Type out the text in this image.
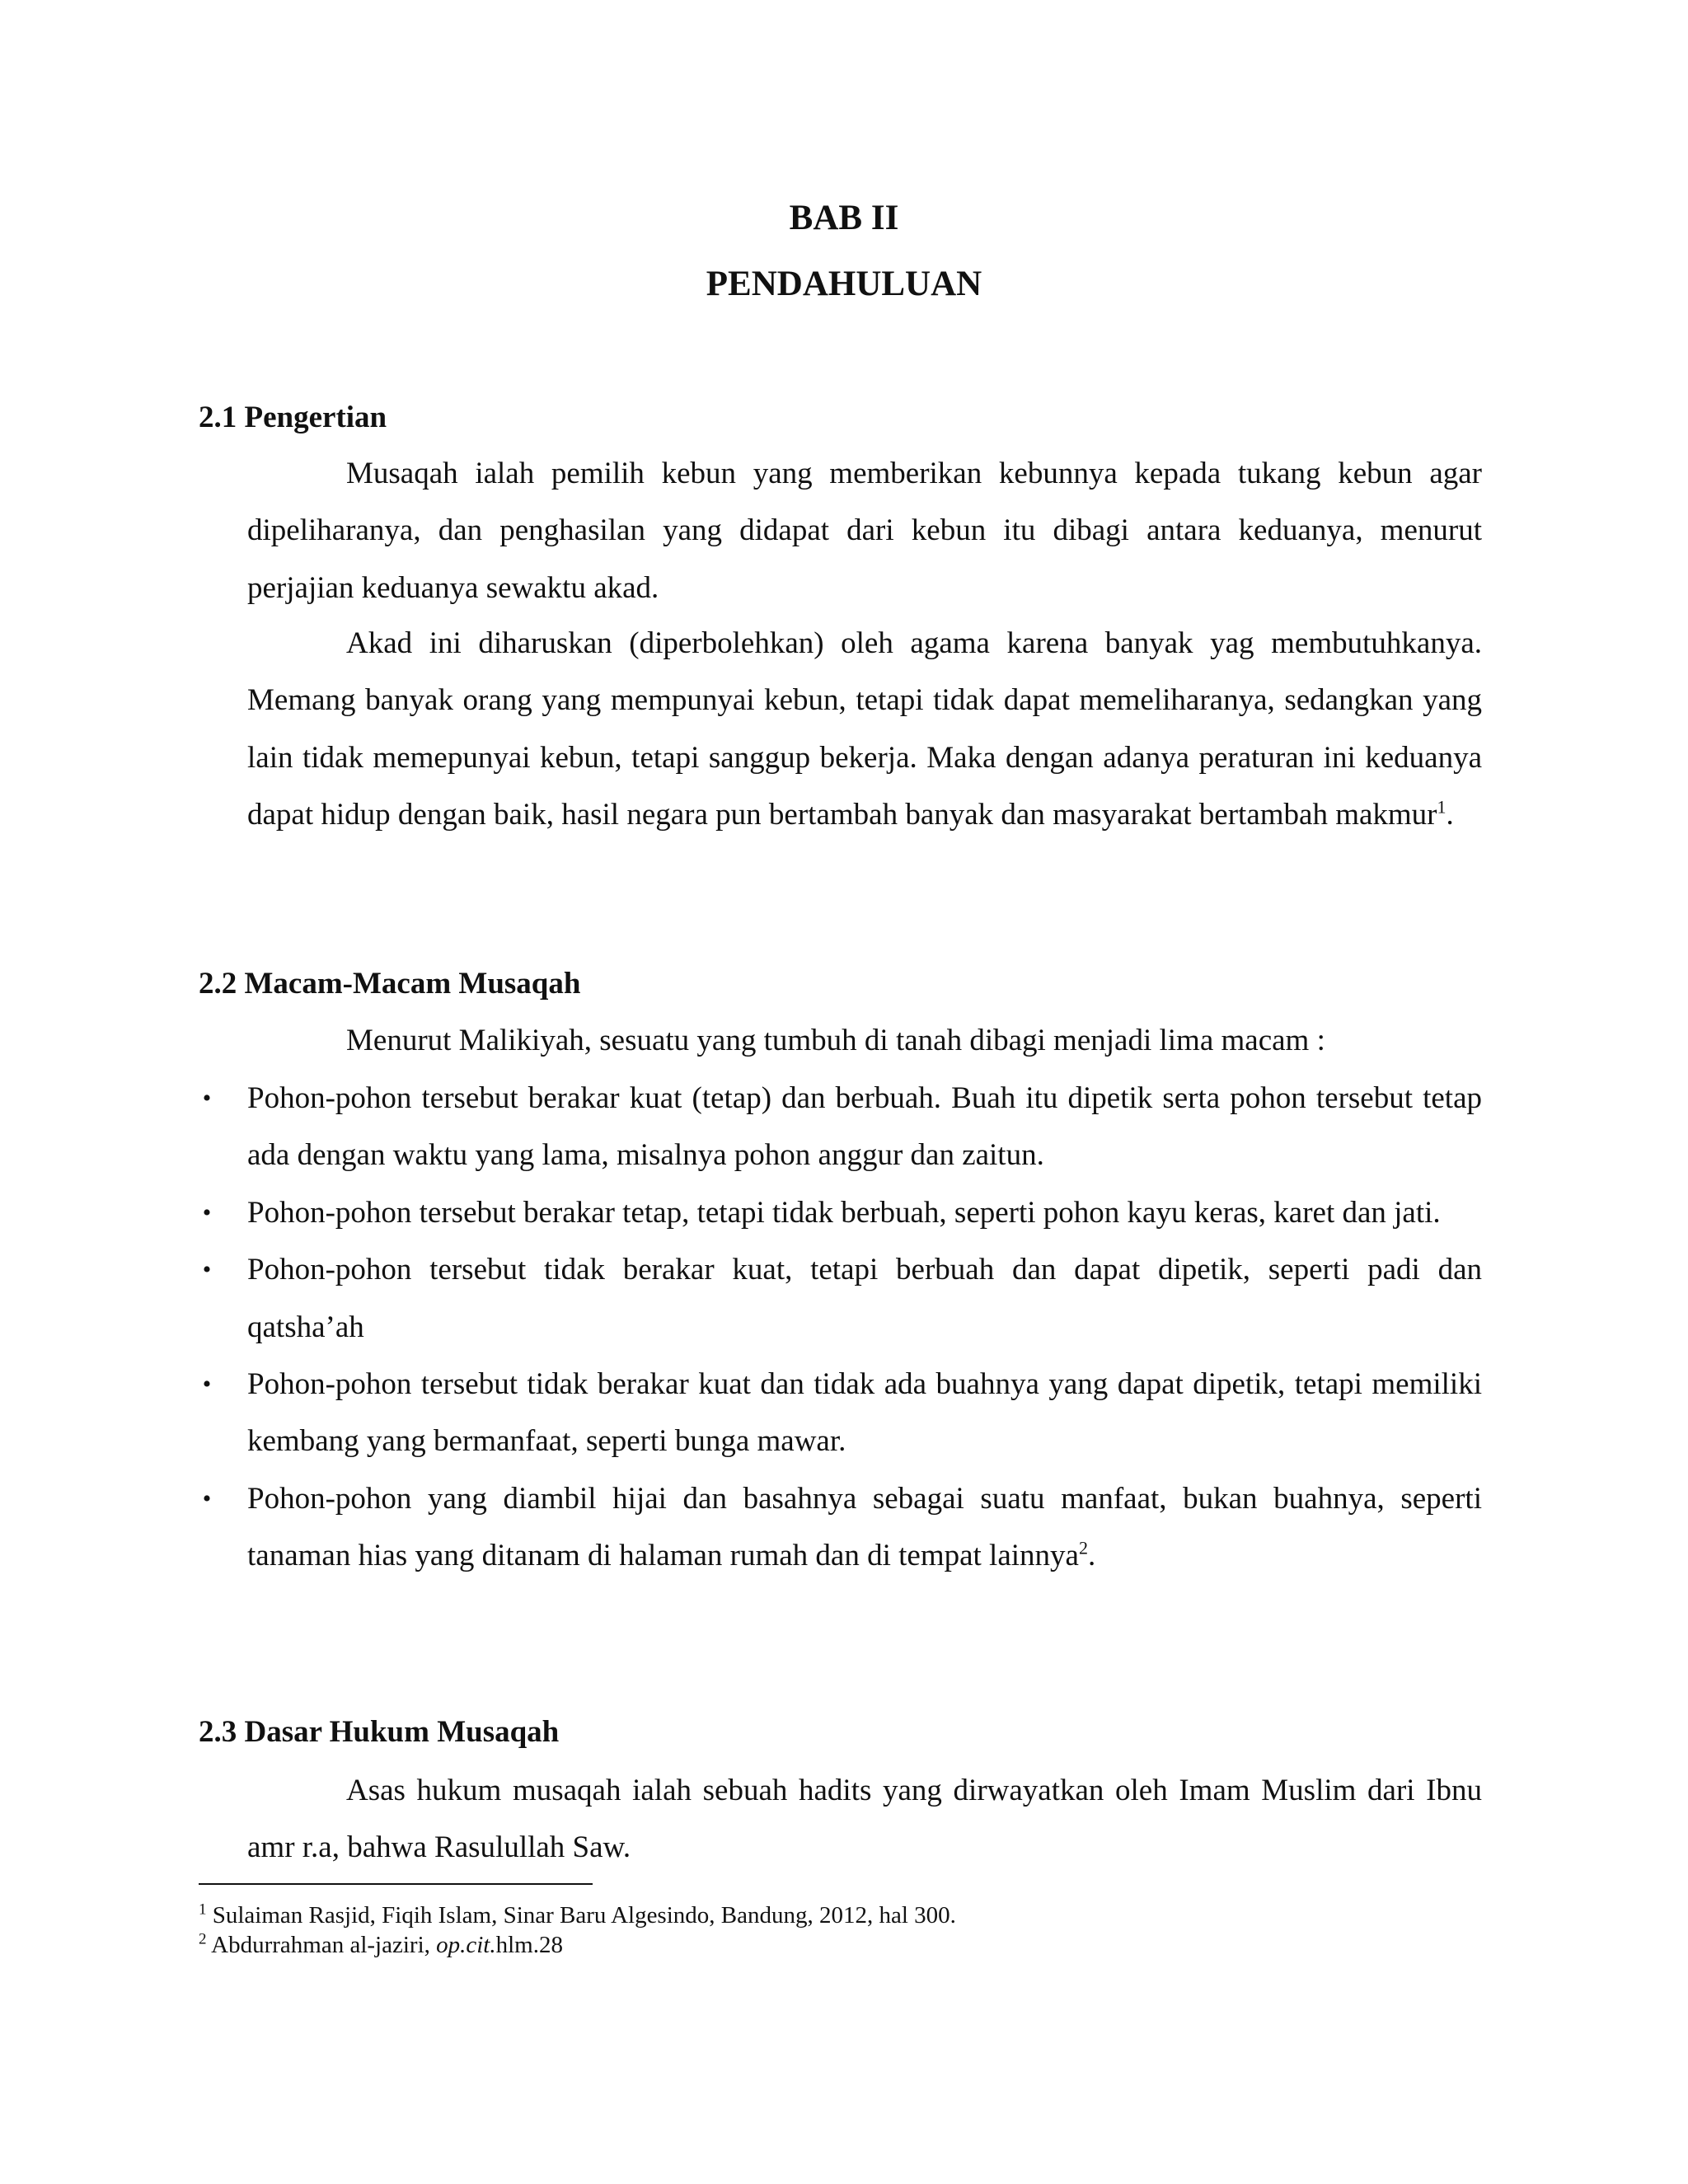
BAB II
PENDAHULUAN
2.1 Pengertian

Musaqah ialah pemilih kebun yang memberikan kebunnya kepada tukang kebun agar dipeliharanya, dan penghasilan yang didapat dari kebun itu dibagi antara keduanya, menurut perjajian keduanya sewaktu akad.

Akad ini diharuskan (diperbolehkan) oleh agama karena banyak yag membutuhkanya. Memang banyak orang yang mempunyai kebun, tetapi tidak dapat memeliharanya, sedangkan yang lain tidak memepunyai kebun, tetapi sanggup bekerja. Maka dengan adanya peraturan ini keduanya dapat hidup dengan baik, hasil negara pun bertambah banyak dan masyarakat bertambah makmur$^1$.

2.2 Macam-Macam Musaqah

Menurut Malikiyah, sesuatu yang tumbuh di tanah dibagi menjadi lima macam :

• Pohon-pohon tersebut berakar kuat (tetap) dan berbuah. Buah itu dipetik serta pohon tersebut tetap ada dengan waktu yang lama, misalnya pohon anggur dan zaitun.
• Pohon-pohon tersebut berakar tetap, tetapi tidak berbuah, seperti pohon kayu keras, karet dan jati.
• Pohon-pohon tersebut tidak berakar kuat, tetapi berbuah dan dapat dipetik, seperti padi dan qatsha’ah
• Pohon-pohon tersebut tidak berakar kuat dan tidak ada buahnya yang dapat dipetik, tetapi memiliki kembang yang bermanfaat, seperti bunga mawar.
• Pohon-pohon yang diambil hijai dan basahnya sebagai suatu manfaat, bukan buahnya, seperti tanaman hias yang ditanam di halaman rumah dan di tempat lainnya$^2$.
2.3 Dasar Hukum Musaqah

Asas hukum musaqah ialah sebuah hadits yang dirwayatkan oleh Imam Muslim dari Ibnu amr r.a, bahwa Rasulullah Saw.

$^1$ Sulaiman Rasjid, Fiqih Islam, Sinar Baru Algesindo, Bandung, 2012, hal 300.
$^2$ Abdurrahman al-jaziri, op.cit.hlm.28
